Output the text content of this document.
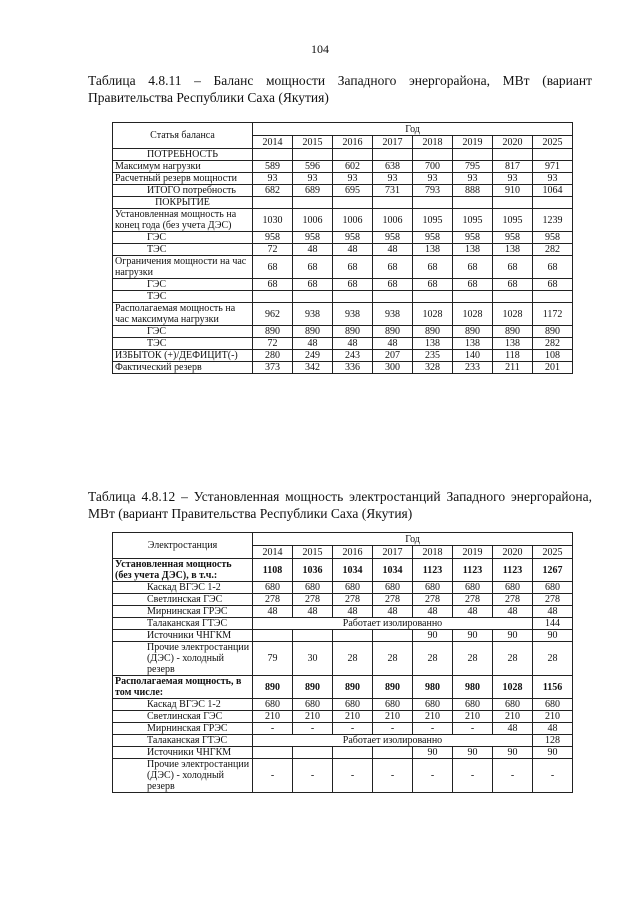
104
Таблица 4.8.11 – Баланс мощности Западного энергорайона, МВт (вариант Правительства Республики Саха (Якутия)
Статья баланса	Год							
	2014	2015	2016	2017	2018	2019	2020	2025
ПОТРЕБНОСТЬ								
Максимум нагрузки	589	596	602	638	700	795	817	971
Расчетный резерв мощности	93	93	93	93	93	93	93	93
ИТОГО потребность	682	689	695	731	793	888	910	1064
ПОКРЫТИЕ								
Установленная мощность на конец года (без учета ДЭС)	1030	1006	1006	1006	1095	1095	1095	1239
ГЭС	958	958	958	958	958	958	958	958
ТЭС	72	48	48	48	138	138	138	282
Ограничения мощности на час нагрузки	68	68	68	68	68	68	68	68
ГЭС	68	68	68	68	68	68	68	68
ТЭС								
Располагаемая мощность на час максимума нагрузки	962	938	938	938	1028	1028	1028	1172
ГЭС	890	890	890	890	890	890	890	890
ТЭС	72	48	48	48	138	138	138	282
ИЗБЫТОК (+)/ДЕФИЦИТ(-)	280	249	243	207	235	140	118	108
Фактический резерв	373	342	336	300	328	233	211	201
Таблица 4.8.12 – Установленная мощность электростанций Западного энергорайона, МВт (вариант Правительства Республики Саха (Якутия)
Электростанция	Год							
	2014	2015	2016	2017	2018	2019	2020	2025
Установленная мощность (без учета ДЭС), в т.ч.:	1108	1036	1034	1034	1123	1123	1123	1267
Каскад ВГЭС 1-2	680	680	680	680	680	680	680	680
Светлинская ГЭС	278	278	278	278	278	278	278	278
Мирнинская ГРЭС	48	48	48	48	48	48	48	48
Талаканская ГТЭС	Работает изолированно							144
Источники ЧНГКМ					90	90	90	90
Прочие электростанции (ДЭС) - холодный резерв	79	30	28	28	28	28	28	28
Располагаемая мощность, в том числе:	890	890	890	890	980	980	1028	1156
Каскад ВГЭС 1-2	680	680	680	680	680	680	680	680
Светлинская ГЭС	210	210	210	210	210	210	210	210
Мирнинская ГРЭС	-	-	-	-	-	-	48	48
Талаканская ГТЭС	Работает изолированно							128
Источники ЧНГКМ					90	90	90	90
Прочие электростанции (ДЭС) - холодный резерв	-	-	-	-	-	-	-	-
